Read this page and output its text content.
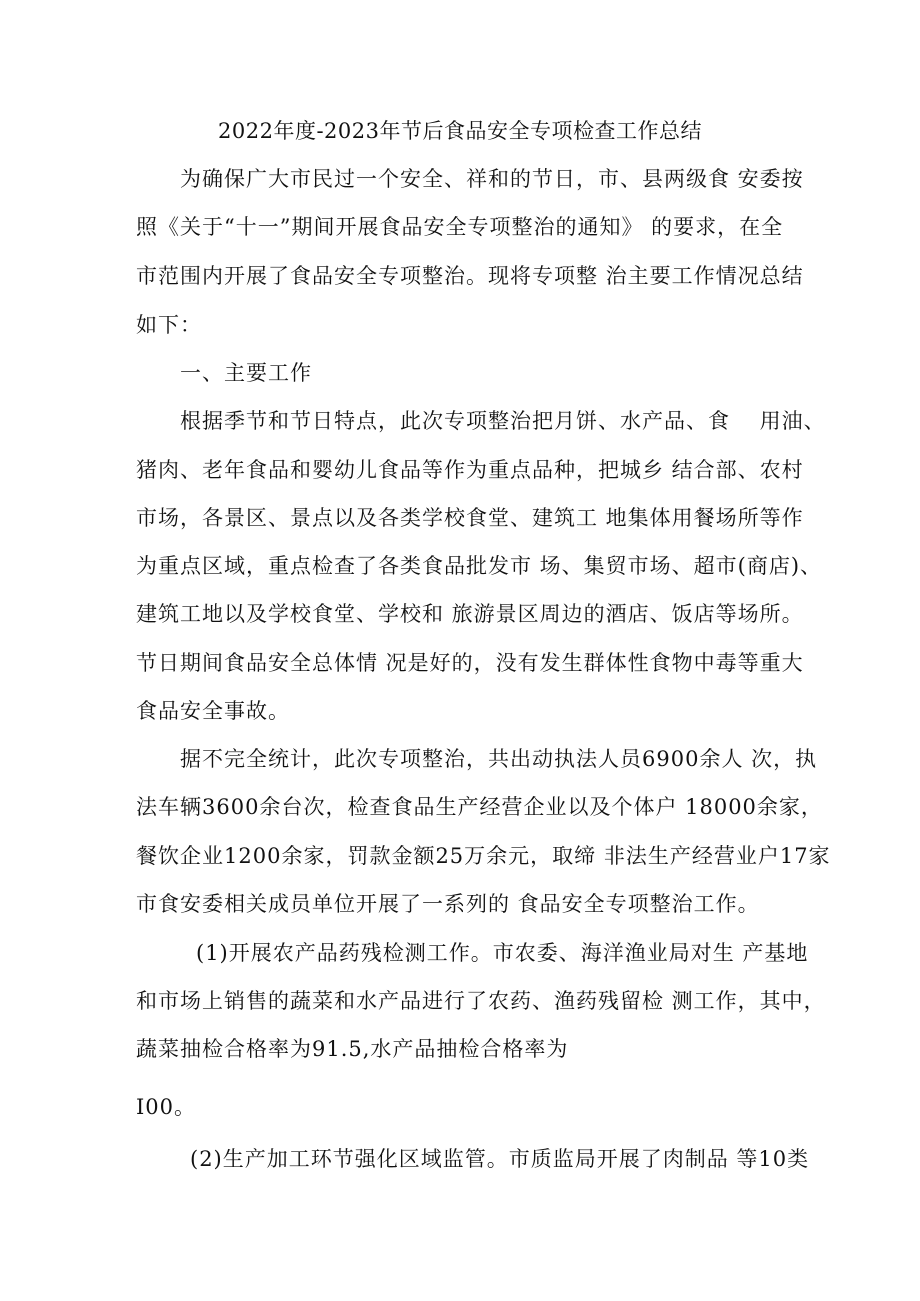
2022年度-2023年节后食品安全专项检查工作总结
为确保广大市民过一个安全、祥和的节日，市、县两级食 安委按
照《关于“十一”期间开展食品安全专项整治的通知》 的要求，在全
市范围内开展了食品安全专项整治。现将专项整 治主要工作情况总结
如下：
一、主要工作
根据季节和节日特点，此次专项整治把月饼、水产品、食　 用油、
猪肉、老年食品和婴幼儿食品等作为重点品种，把城乡 结合部、农村
市场，各景区、景点以及各类学校食堂、建筑工 地集体用餐场所等作
为重点区域，重点检查了各类食品批发市 场、集贸市场、超市(商店)、
建筑工地以及学校食堂、学校和 旅游景区周边的酒店、饭店等场所。
节日期间食品安全总体情 况是好的，没有发生群体性食物中毒等重大
食品安全事故。
据不完全统计，此次专项整治，共出动执法人员6900余人 次，执
法车辆3600余台次，检查食品生产经营企业以及个体户 18000余家，
餐饮企业1200余家，罚款金额25万余元，取缔 非法生产经营业户17家
市食安委相关成员单位开展了一系列的 食品安全专项整治工作。
(1)开展农产品药残检测工作。市农委、海洋渔业局对生 产基地
和市场上销售的蔬菜和水产品进行了农药、渔药残留检 测工作，其中，
蔬菜抽检合格率为91.5,水产品抽检合格率为
I00。
(2)生产加工环节强化区域监管。市质监局开展了肉制品 等10类
